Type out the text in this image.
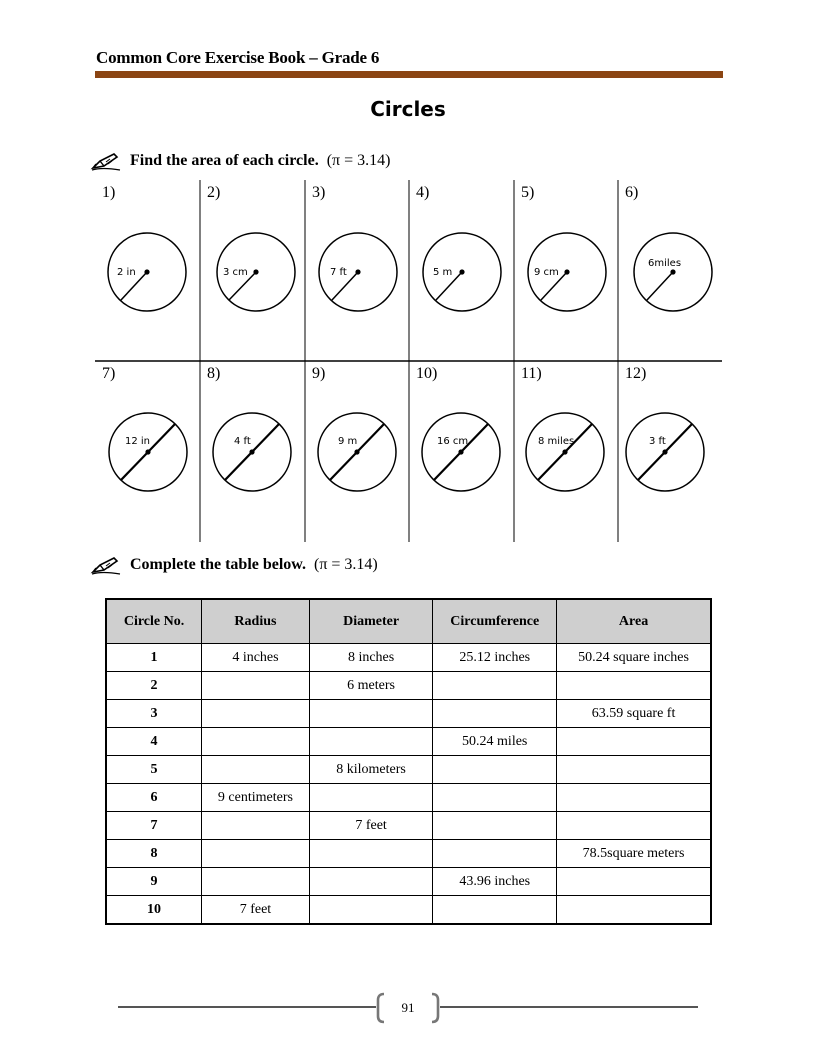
Common Core Exercise Book – Grade 6
Circles
Find the area of each circle. (π = 3.14)
1)	2)	3)	4)	5)	6)
2 in	3 cm	7 ft	5 m	9 cm
6miles
7)	8)	9)	10)	11)	12)
12 in	4 ft	9 m	16 cm	8 miles	3 ft
Complete the table below. (π = 3.14)
Circle No.	Radius	Diameter	Circumference	Area
1	4 inches	8 inches	25.12 inches	50.24 square inches
2		6 meters		
3				63.59 square ft
4			50.24 miles	
5		8 kilometers		
6	9 centimeters			
7		7 feet		
8				78.5square meters
9			43.96 inches	
10	7 feet			
91
